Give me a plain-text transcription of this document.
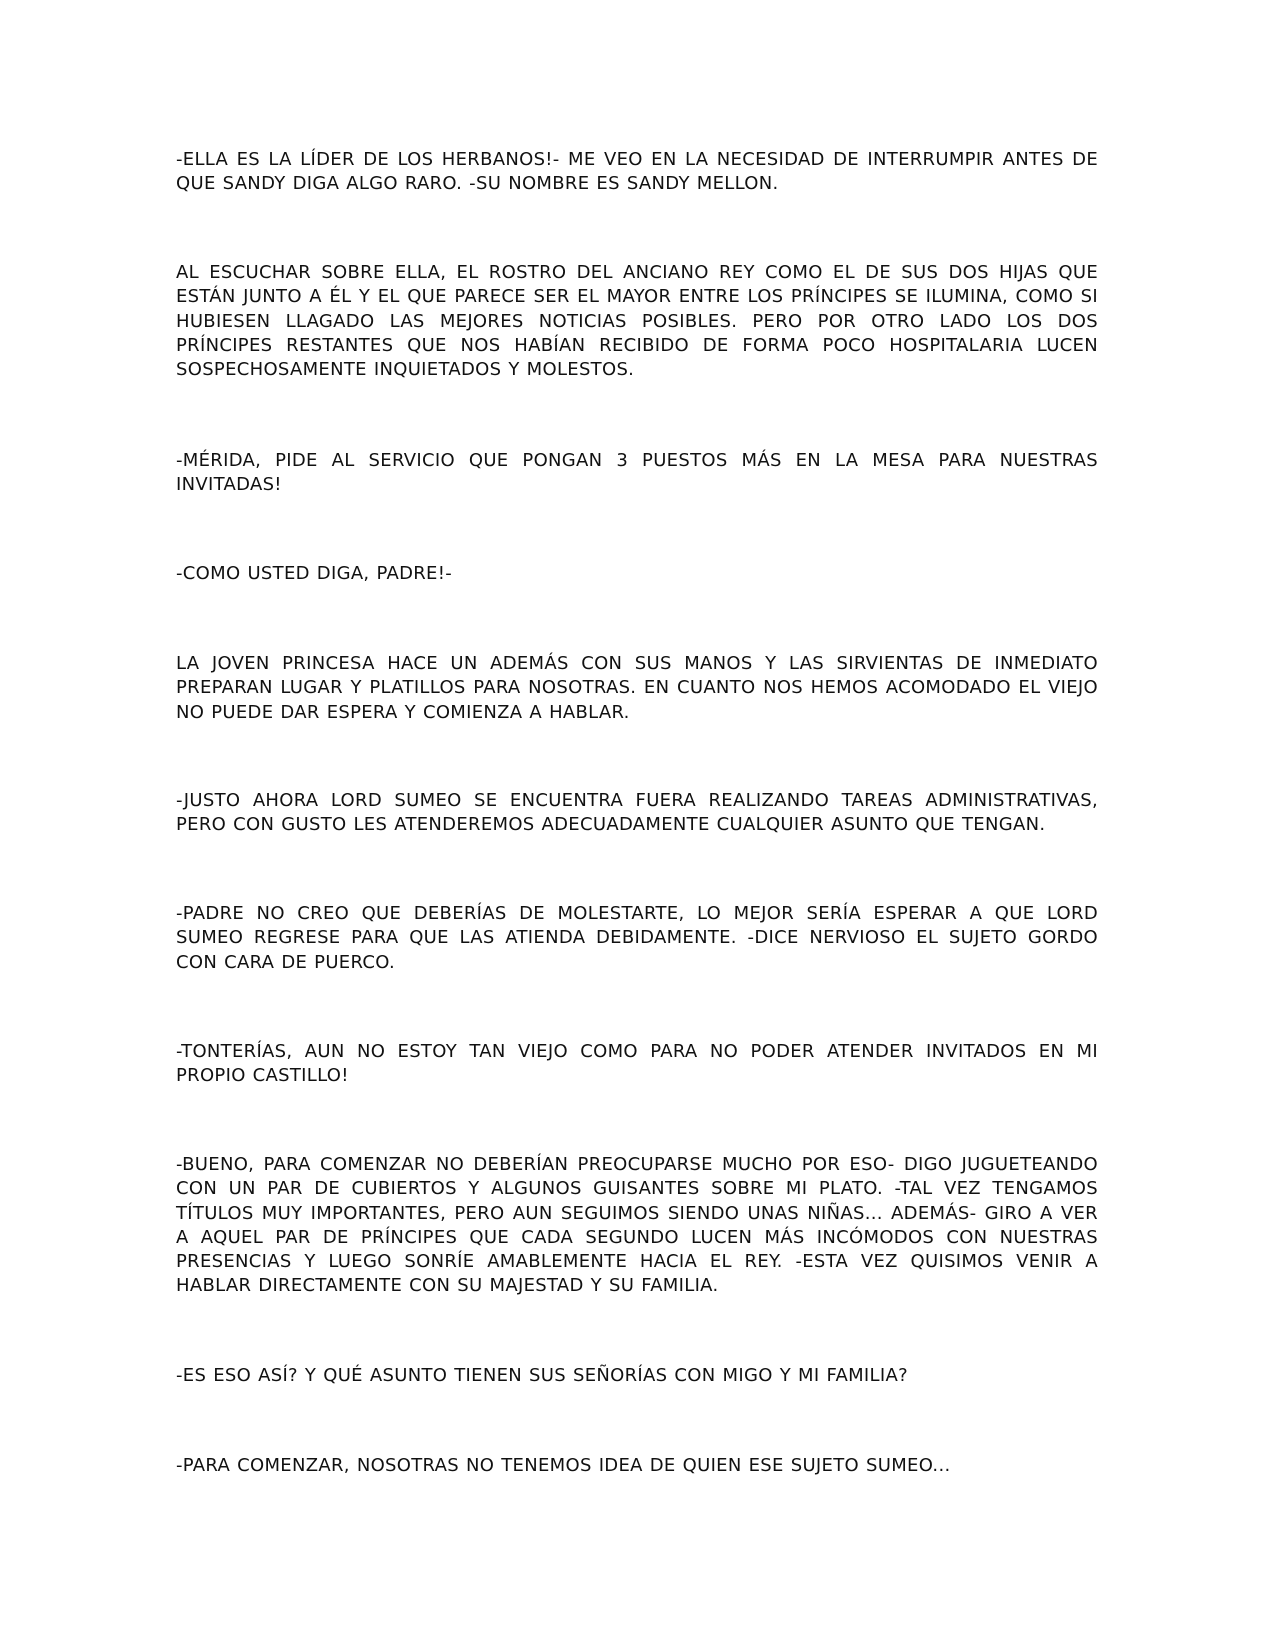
-ELLA ES LA LÍDER DE LOS HERBANOS!- ME VEO EN LA NECESIDAD DE INTERRUMPIR ANTES DE QUE SANDY DIGA ALGO RARO. -SU NOMBRE ES SANDY MELLON.

AL ESCUCHAR SOBRE ELLA, EL ROSTRO DEL ANCIANO REY COMO EL DE SUS DOS HIJAS QUE ESTÁN JUNTO A ÉL Y EL QUE PARECE SER EL MAYOR ENTRE LOS PRÍNCIPES SE ILUMINA, COMO SI HUBIESEN LLAGADO LAS MEJORES NOTICIAS POSIBLES. PERO POR OTRO LADO LOS DOS PRÍNCIPES RESTANTES QUE NOS HABÍAN RECIBIDO DE FORMA POCO HOSPITALARIA LUCEN SOSPECHOSAMENTE INQUIETADOS Y MOLESTOS.

-MÉRIDA, PIDE AL SERVICIO QUE PONGAN 3 PUESTOS MÁS EN LA MESA PARA NUESTRAS INVITADAS!

-COMO USTED DIGA, PADRE!-

LA JOVEN PRINCESA HACE UN ADEMÁS CON SUS MANOS Y LAS SIRVIENTAS DE INMEDIATO PREPARAN LUGAR Y PLATILLOS PARA NOSOTRAS. EN CUANTO NOS HEMOS ACOMODADO EL VIEJO NO PUEDE DAR ESPERA Y COMIENZA A HABLAR.

-JUSTO AHORA LORD SUMEO SE ENCUENTRA FUERA REALIZANDO TAREAS ADMINISTRATIVAS, PERO CON GUSTO LES ATENDEREMOS ADECUADAMENTE CUALQUIER ASUNTO QUE TENGAN.

-PADRE NO CREO QUE DEBERÍAS DE MOLESTARTE, LO MEJOR SERÍA ESPERAR A QUE LORD SUMEO REGRESE PARA QUE LAS ATIENDA DEBIDAMENTE. -DICE NERVIOSO EL SUJETO GORDO CON CARA DE PUERCO.

-TONTERÍAS, AUN NO ESTOY TAN VIEJO COMO PARA NO PODER ATENDER INVITADOS EN MI PROPIO CASTILLO!

-BUENO, PARA COMENZAR NO DEBERÍAN PREOCUPARSE MUCHO POR ESO- DIGO JUGUETEANDO CON UN PAR DE CUBIERTOS Y ALGUNOS GUISANTES SOBRE MI PLATO. -TAL VEZ TENGAMOS TÍTULOS MUY IMPORTANTES, PERO AUN SEGUIMOS SIENDO UNAS NIÑAS... ADEMÁS- GIRO A VER A AQUEL PAR DE PRÍNCIPES QUE CADA SEGUNDO LUCEN MÁS INCÓMODOS CON NUESTRAS PRESENCIAS Y LUEGO SONRÍE AMABLEMENTE HACIA EL REY. -ESTA VEZ QUISIMOS VENIR A HABLAR DIRECTAMENTE CON SU MAJESTAD Y SU FAMILIA.

-ES ESO ASÍ? Y QUÉ ASUNTO TIENEN SUS SEÑORÍAS CON MIGO Y MI FAMILIA?

-PARA COMENZAR, NOSOTRAS NO TENEMOS IDEA DE QUIEN ESE SUJETO SUMEO...
